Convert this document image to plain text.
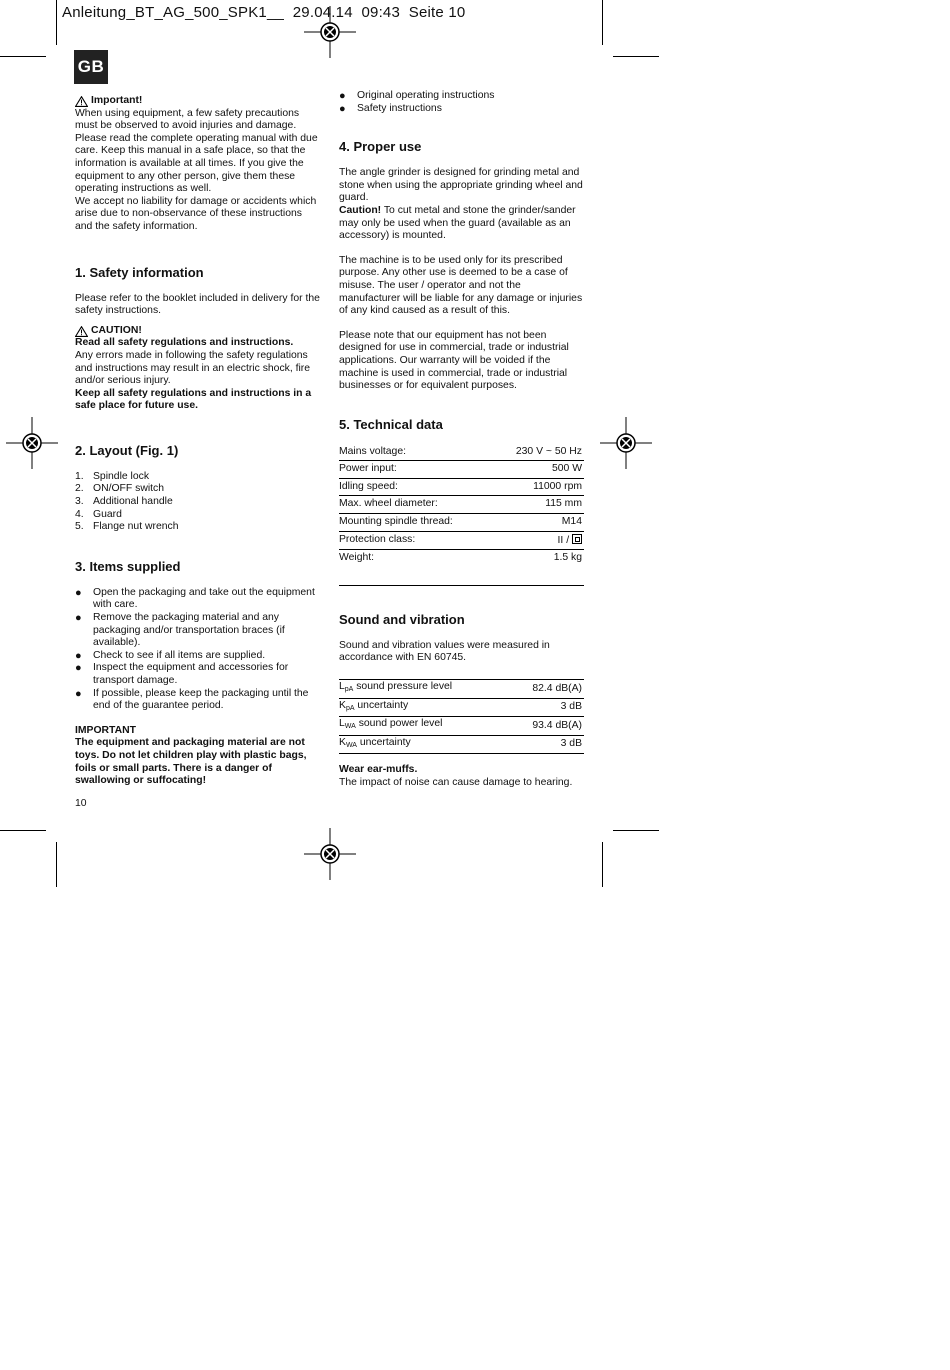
Anleitung_BT_AG_500_SPK1__  29.04.14  09:43  Seite 10
GB
Important!

When using equipment, a few safety precautions
must be observed to avoid injuries and damage.
Please read the complete operating manual with due
care. Keep this manual in a safe place, so that the
information is available at all times. If you give the
equipment to any other person, give them these
operating instructions as well.
We accept no liability for damage or accidents which
arise due to non-observance of these instructions
and the safety information.

1. Safety information

Please refer to the booklet included in delivery for the
safety instructions.

CAUTION!

Read all safety regulations and instructions.

Any errors made in following the safety regulations
and instructions may result in an electric shock, fire
and/or serious injury.

Keep all safety regulations and instructions in a
safe place for future use.

2. Layout (Fig. 1)
1. Spindle lock
2. ON/OFF switch
3. Additional handle
4. Guard
5. Flange nut wrench
3. Items supplied
●	Open the packaging and take out the equipment
with care.
●	Remove the packaging material and any
packaging and/or transportation braces (if
available).
●	Check to see if all items are supplied.
●	Inspect the equipment and accessories for
transport damage.
●	If possible, please keep the packaging until the
end of the guarantee period.

IMPORTANT

The equipment and packaging material are not
toys. Do not let children play with plastic bags,
foils or small parts. There is a danger of
swallowing or suffocating!

●	Original operating instructions
●	Safety instructions
4. Proper use

The angle grinder is designed for grinding metal and
stone when using the appropriate grinding wheel and
guard.
Caution! To cut metal and stone the grinder/sander
may only be used when the guard (available as an
accessory) is mounted.

The machine is to be used only for its prescribed
purpose. Any other use is deemed to be a case of
misuse. The user / operator and not the
manufacturer will be liable for any damage or injuries
of any kind caused as a result of this.

Please note that our equipment has not been
designed for use in commercial, trade or industrial
applications. Our warranty will be voided if the
machine is used in commercial, trade or industrial
businesses or for equivalent purposes.

5. Technical data
Mains voltage:	230 V ~ 50 Hz
Power input:	500 W
Idling speed:	11000 rpm
Max. wheel diameter:	115 mm
Mounting spindle thread:	M14
Protection class:	II /
Weight:	1.5 kg
Sound and vibration

Sound and vibration values were measured in
accordance with EN 60745.

$L_{pA}$ sound pressure level	82.4 dB(A)
$K_{pA}$ uncertainty	3 dB
$L_{WA}$ sound power level	93.4 dB(A)
$K_{WA}$ uncertainty	3 dB

Wear ear-muffs.

The impact of noise can cause damage to hearing.

10
